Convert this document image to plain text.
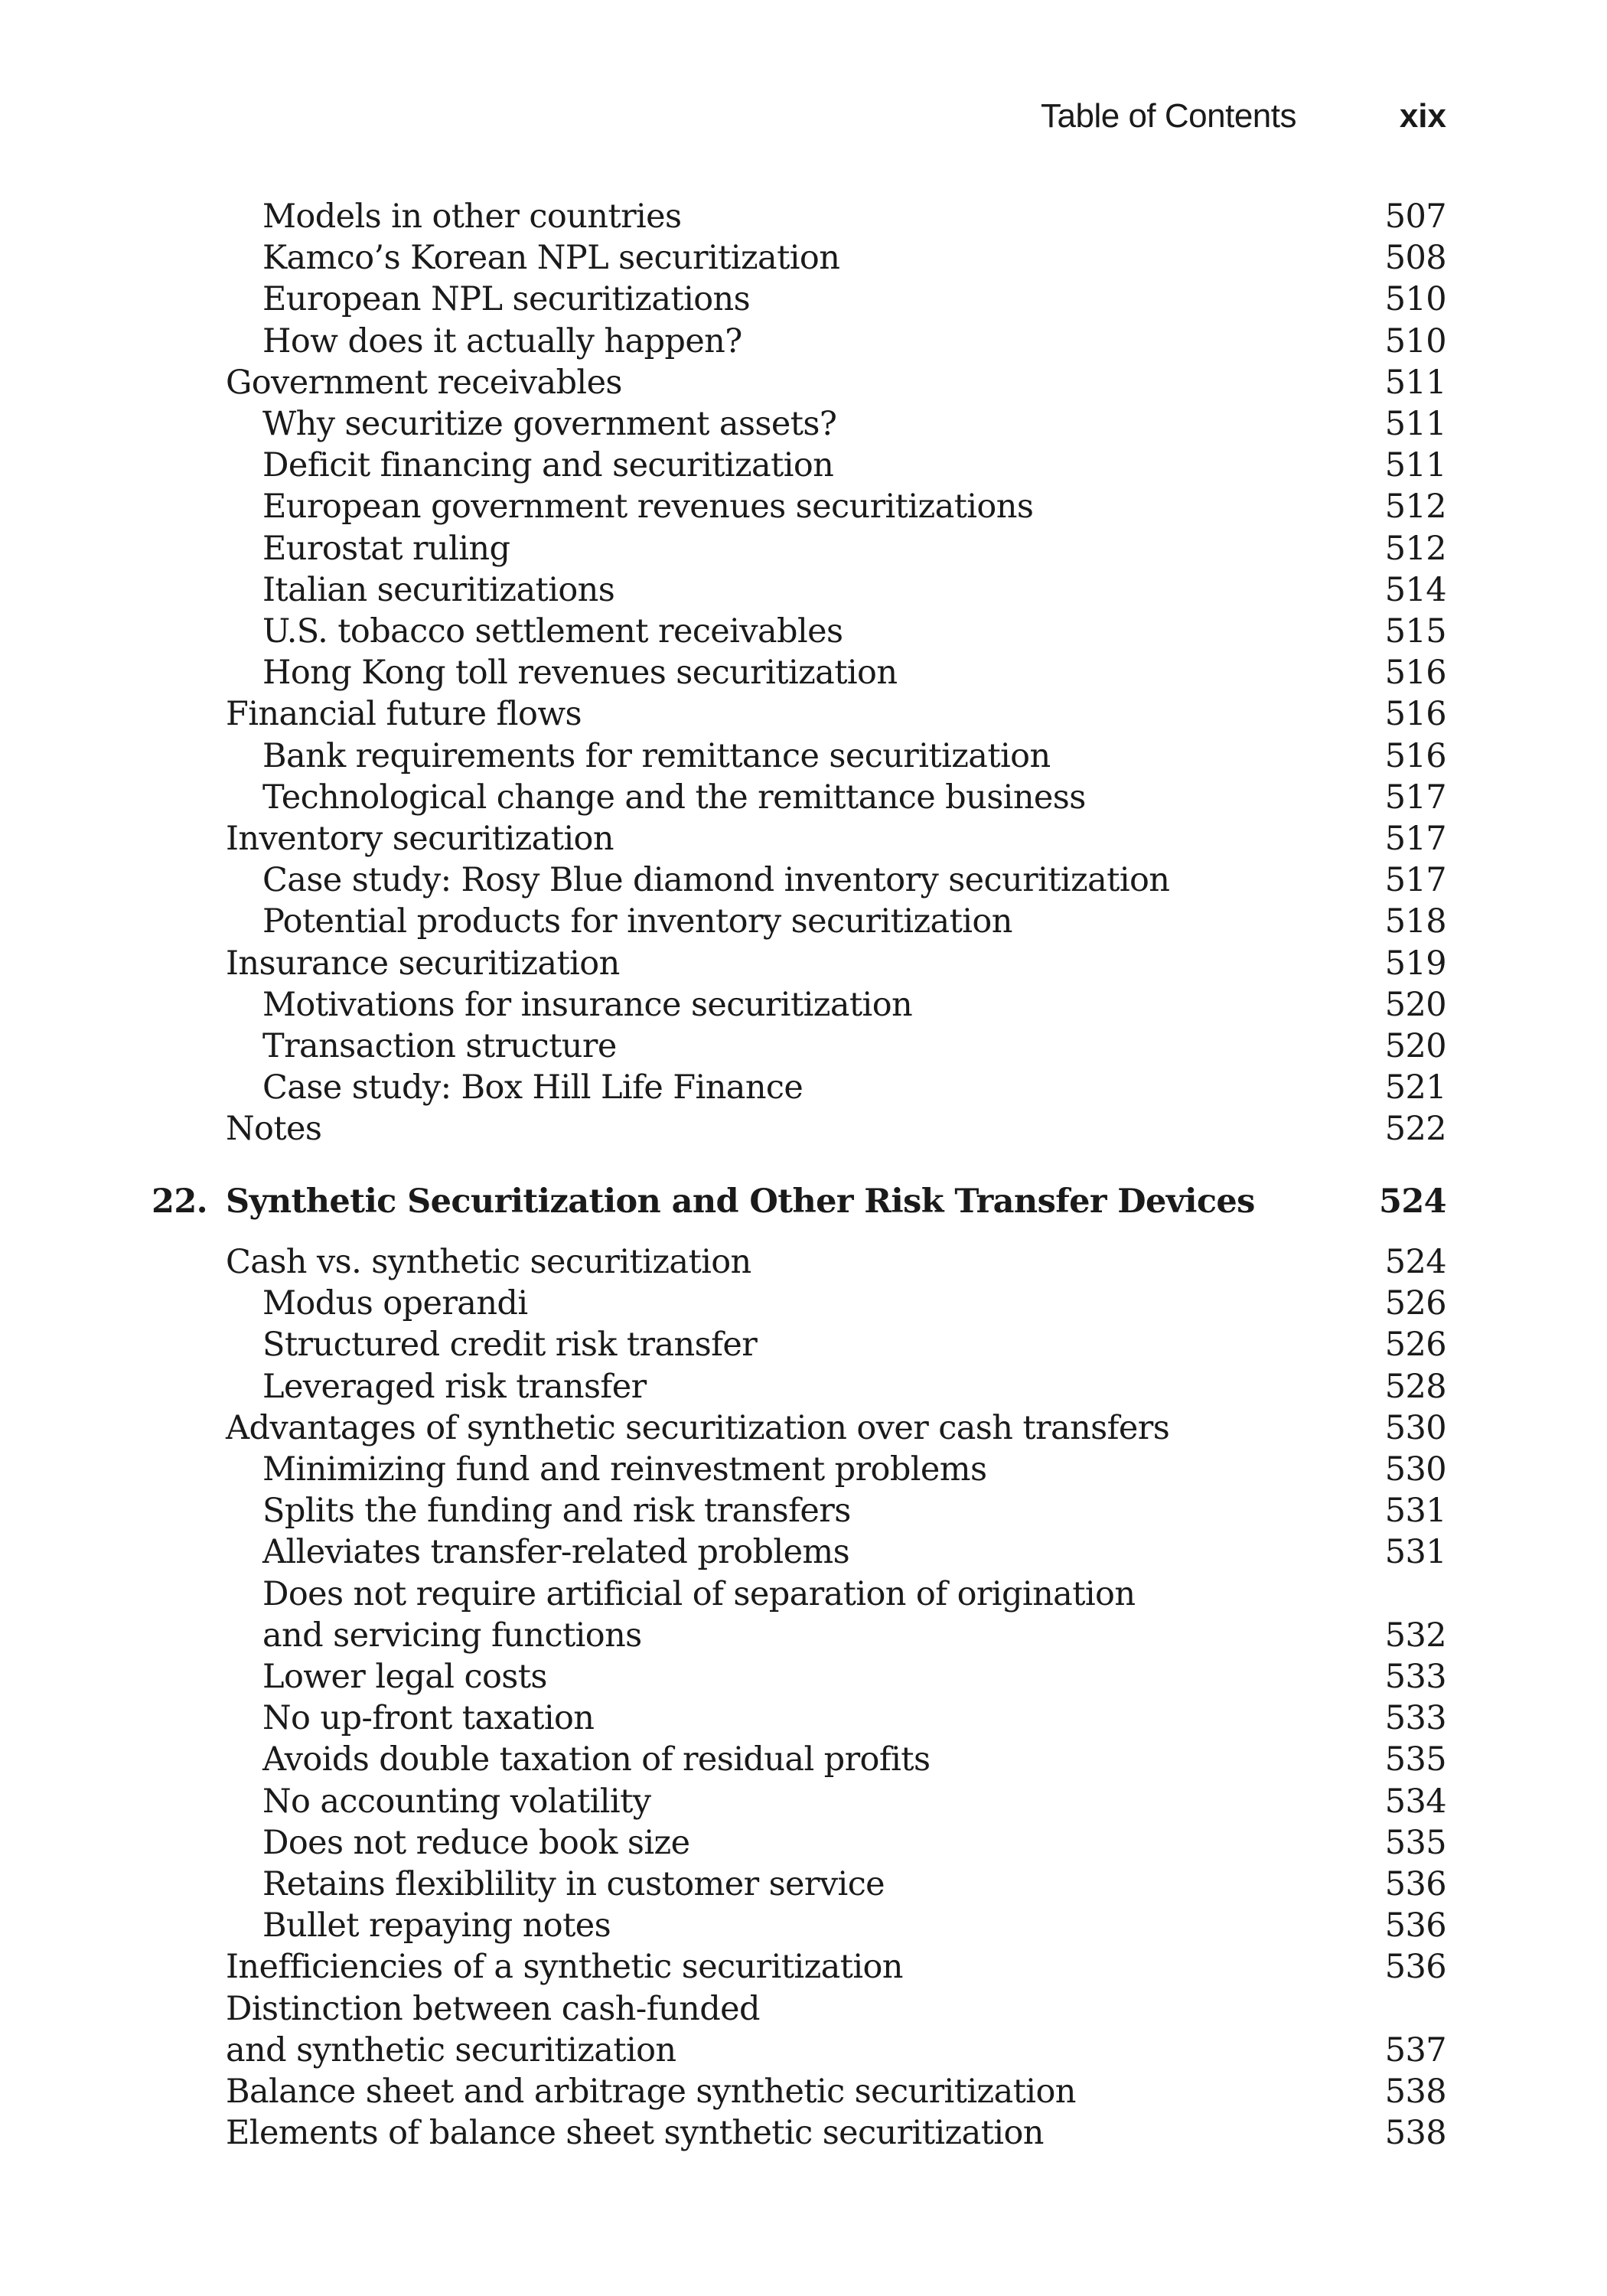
Table of Contents	xix
Models in other countries	507
Kamco’s Korean NPL securitization	508
European NPL securitizations	510
How does it actually happen?	510
Government receivables	511
Why securitize government assets?	511
Deficit financing and securitization	511
European government revenues securitizations	512
Eurostat ruling	512
Italian securitizations	514
U.S. tobacco settlement receivables	515
Hong Kong toll revenues securitization	516
Financial future flows	516
Bank requirements for remittance securitization	516
Technological change and the remittance business	517
Inventory securitization	517
Case study: Rosy Blue diamond inventory securitization	517
Potential products for inventory securitization	518
Insurance securitization	519
Motivations for insurance securitization	520
Transaction structure	520
Case study: Box Hill Life Finance	521
Notes	522
22. Synthetic Securitization and Other Risk Transfer Devices	524
Cash vs. synthetic securitization	524
Modus operandi	526
Structured credit risk transfer	526
Leveraged risk transfer	528
Advantages of synthetic securitization over cash transfers	530
Minimizing fund and reinvestment problems	530
Splits the funding and risk transfers	531
Alleviates transfer-related problems	531
Does not require artificial of separation of origination
and servicing functions	532
Lower legal costs	533
No up-front taxation	533
Avoids double taxation of residual profits	535
No accounting volatility	534
Does not reduce book size	535
Retains flexiblility in customer service	536
Bullet repaying notes	536
Inefficiencies of a synthetic securitization	536
Distinction between cash-funded
and synthetic securitization	537
Balance sheet and arbitrage synthetic securitization	538
Elements of balance sheet synthetic securitization	538
